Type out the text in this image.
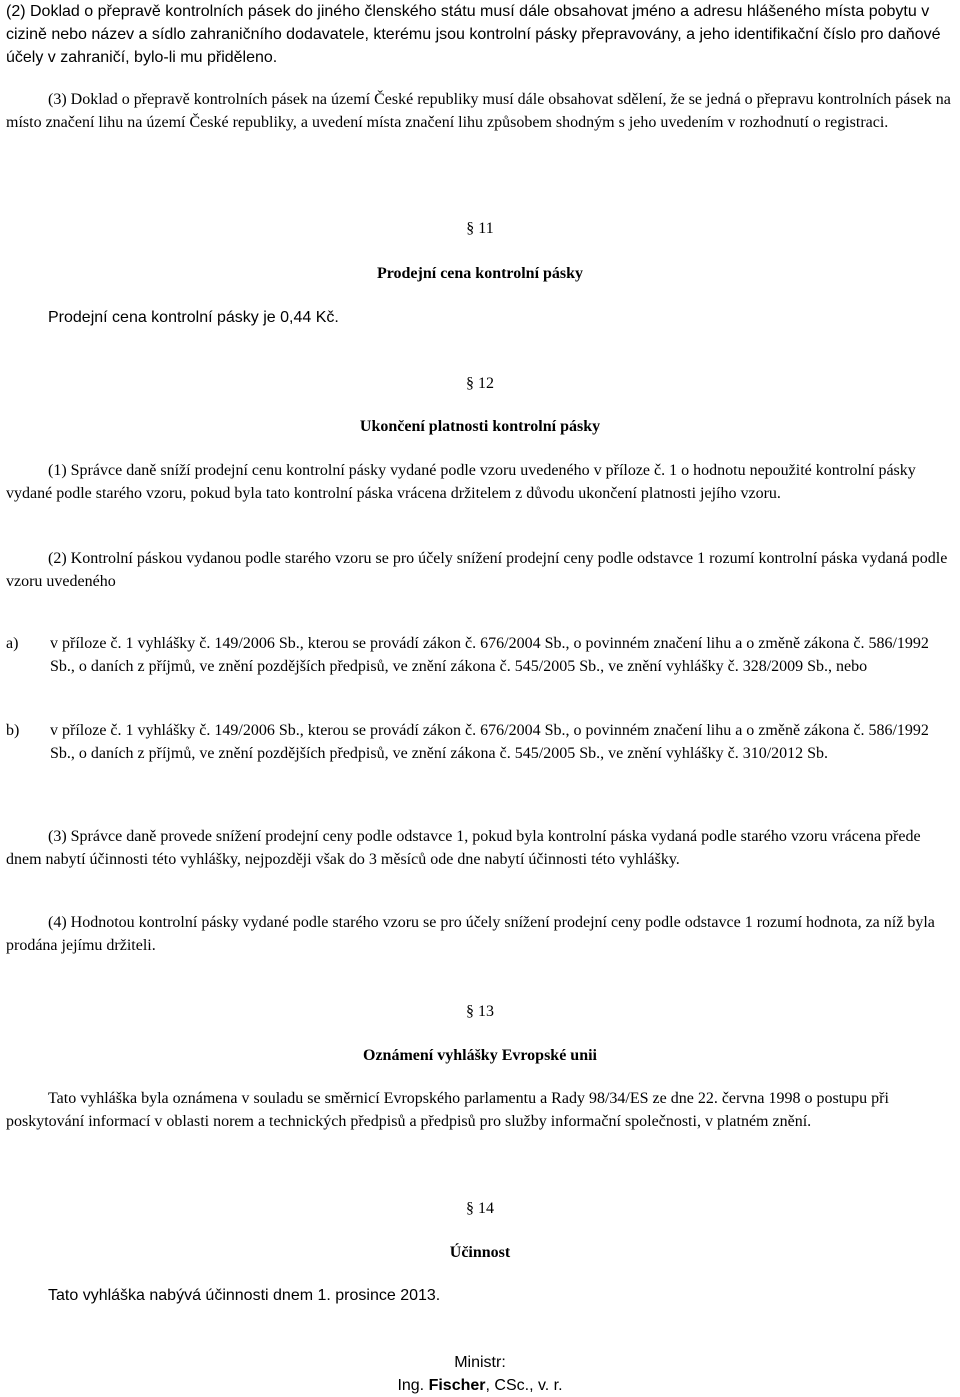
(2) Doklad o přepravě kontrolních pásek do jiného členského státu musí dále obsahovat jméno a adresu hlášeného místa pobytu v cizině nebo název a sídlo zahraničního dodavatele, kterému jsou kontrolní pásky přepravovány, a jeho identifikační číslo pro daňové účely v zahraničí, bylo-li mu přiděleno.

(3) Doklad o přepravě kontrolních pásek na území České republiky musí dále obsahovat sdělení, že se jedná o přepravu kontrolních pásek na místo značení lihu na území České republiky, a uvedení místa značení lihu způsobem shodným s jeho uvedením v rozhodnutí o registraci.

§ 11

Prodejní cena kontrolní pásky

Prodejní cena kontrolní pásky je 0,44 Kč.

§ 12

Ukončení platnosti kontrolní pásky

(1) Správce daně sníží prodejní cenu kontrolní pásky vydané podle vzoru uvedeného v příloze č. 1 o hodnotu nepoužité kontrolní pásky vydané podle starého vzoru, pokud byla tato kontrolní páska vrácena držitelem z důvodu ukončení platnosti jejího vzoru.

(2) Kontrolní páskou vydanou podle starého vzoru se pro účely snížení prodejní ceny podle odstavce 1 rozumí kontrolní páska vydaná podle vzoru uvedeného

a) v příloze č. 1 vyhlášky č. 149/2006 Sb., kterou se provádí zákon č. 676/2004 Sb., o povinném značení lihu a o změně zákona č. 586/1992 Sb., o daních z příjmů, ve znění pozdějších předpisů, ve znění zákona č. 545/2005 Sb., ve znění vyhlášky č. 328/2009 Sb., nebo

b) v příloze č. 1 vyhlášky č. 149/2006 Sb., kterou se provádí zákon č. 676/2004 Sb., o povinném značení lihu a o změně zákona č. 586/1992 Sb., o daních z příjmů, ve znění pozdějších předpisů, ve znění zákona č. 545/2005 Sb., ve znění vyhlášky č. 310/2012 Sb.

(3) Správce daně provede snížení prodejní ceny podle odstavce 1, pokud byla kontrolní páska vydaná podle starého vzoru vrácena přede dnem nabytí účinnosti této vyhlášky, nejpozději však do 3 měsíců ode dne nabytí účinnosti této vyhlášky.

(4) Hodnotou kontrolní pásky vydané podle starého vzoru se pro účely snížení prodejní ceny podle odstavce 1 rozumí hodnota, za níž byla prodána jejímu držiteli.

§ 13

Oznámení vyhlášky Evropské unii

Tato vyhláška byla oznámena v souladu se směrnicí Evropského parlamentu a Rady 98/34/ES ze dne 22. června 1998 o postupu při poskytování informací v oblasti norem a technických předpisů a předpisů pro služby informační společnosti, v platném znění.

§ 14

Účinnost

Tato vyhláška nabývá účinnosti dnem 1. prosince 2013.

Ministr:

Ing. Fischer, CSc., v. r.
